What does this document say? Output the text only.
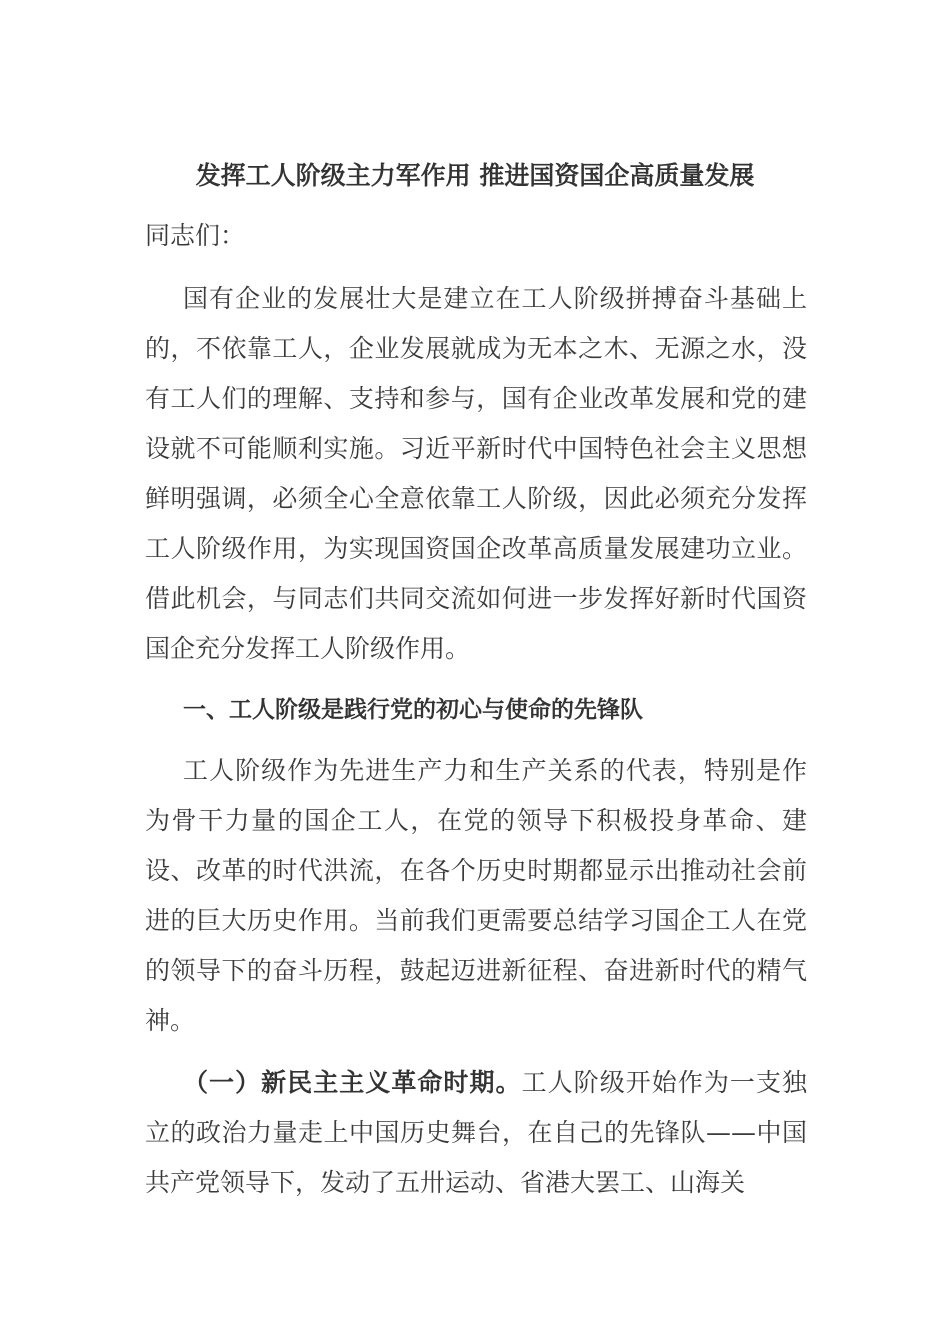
发挥工人阶级主力军作用 推进国资国企高质量发展
同志们：

国有企业的发展壮大是建立在工人阶级拼搏奋斗基础上的，不依靠工人，企业发展就成为无本之木、无源之水，没有工人们的理解、支持和参与，国有企业改革发展和党的建设就不可能顺利实施。习近平新时代中国特色社会主义思想鲜明强调，必须全心全意依靠工人阶级，因此必须充分发挥工人阶级作用，为实现国资国企改革高质量发展建功立业。借此机会，与同志们共同交流如何进一步发挥好新时代国资国企充分发挥工人阶级作用。

一、工人阶级是践行党的初心与使命的先锋队

工人阶级作为先进生产力和生产关系的代表，特别是作为骨干力量的国企工人，在党的领导下积极投身革命、建设、改革的时代洪流，在各个历史时期都显示出推动社会前进的巨大历史作用。当前我们更需要总结学习国企工人在党的领导下的奋斗历程，鼓起迈进新征程、奋进新时代的精气神。

（一）新民主主义革命时期。工人阶级开始作为一支独立的政治力量走上中国历史舞台，在自己的先锋队——中国共产党领导下，发动了五卅运动、省港大罢工、山海关
